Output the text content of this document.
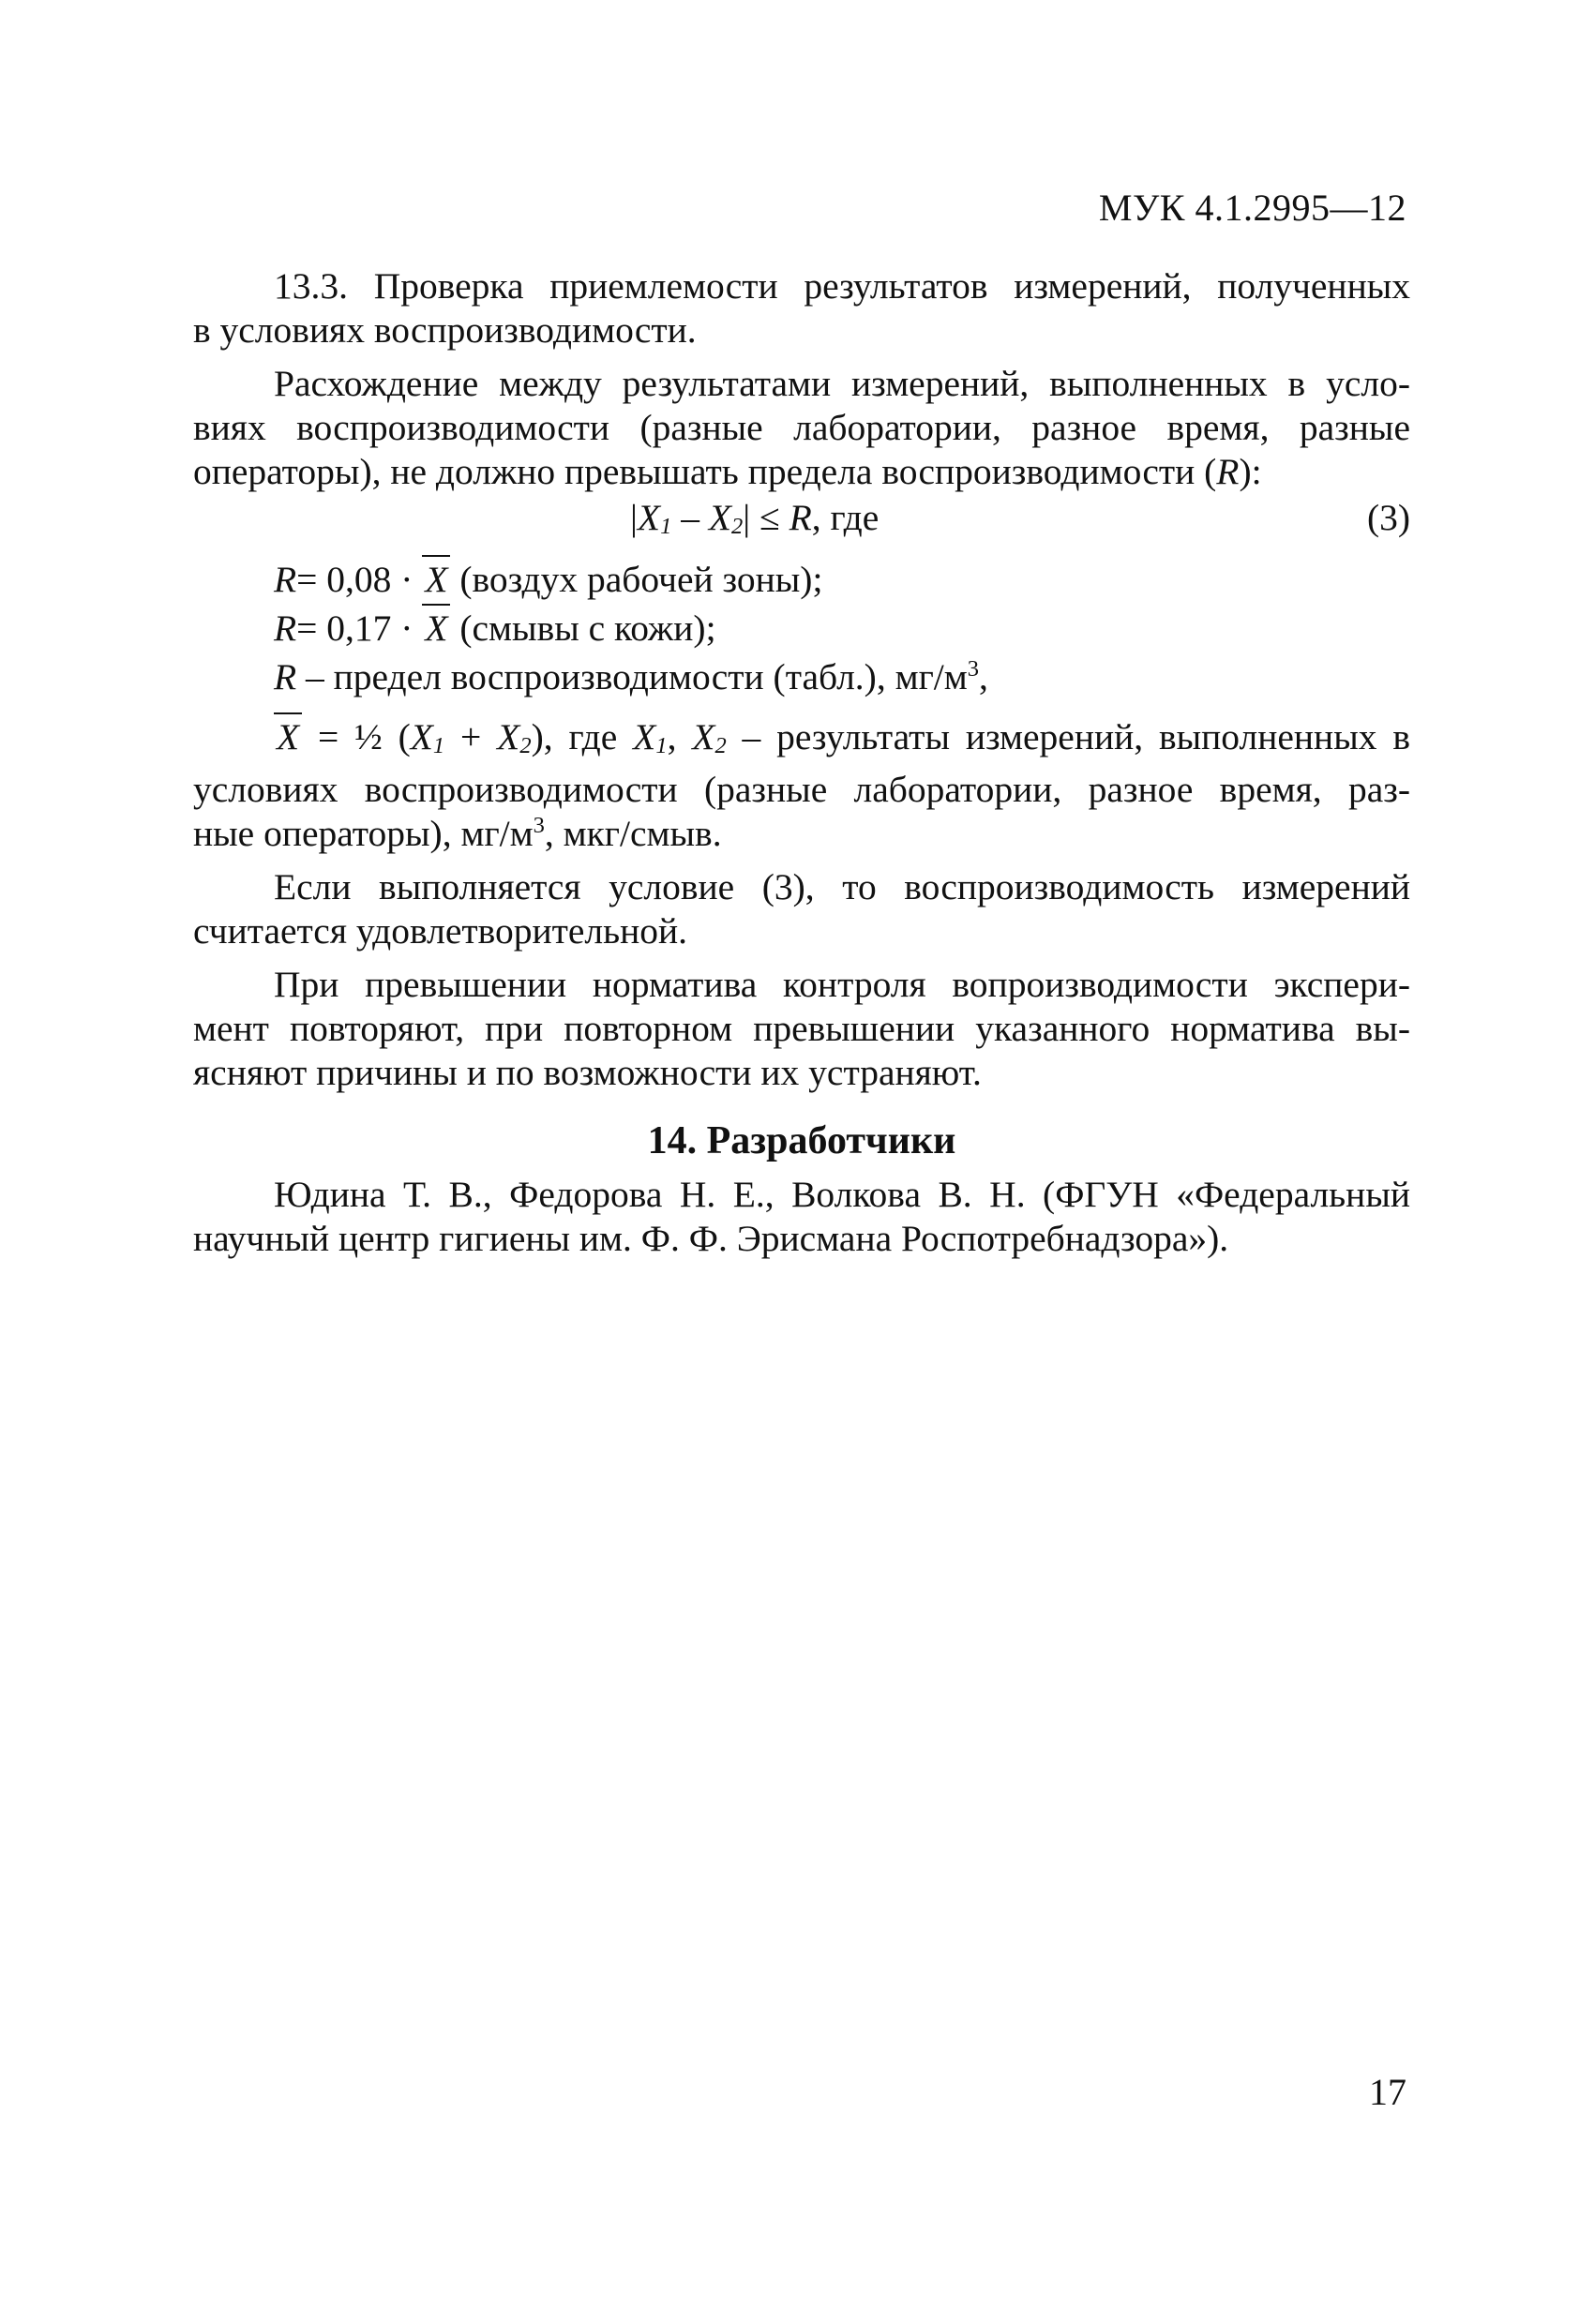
МУК 4.1.2995—12
13.3. Проверка приемлемости результатов измерений, полученных
в условиях воспроизводимости.
Расхождение между результатами измерений, выполненных в усло-
виях воспроизводимости (разные лаборатории, разное время, разные
операторы), не должно превышать предела воспроизводимости (R):
$|X_1 - X_2| \le R$, где	(3)
R= 0,08 · X (воздух рабочей зоны);
R= 0,17 · X (смывы с кожи);
R – предел воспроизводимости (табл.), $мг/м^3$,
X = ½ $(X_1 + X_2)$, где $X_1$, $X_2$ – результаты измерений, выполненных в
условиях воспроизводимости (разные лаборатории, разное время, раз-
ные операторы), $мг/м^3$, мкг/смыв.
Если выполняется условие (3), то воспроизводимость измерений
считается удовлетворительной.
При превышении норматива контроля вопроизводимости экспери-
мент повторяют, при повторном превышении указанного норматива вы-
ясняют причины и по возможности их устраняют.
14. Разработчики
Юдина Т. В., Федорова Н. Е., Волкова В. Н. (ФГУН «Федеральный
научный центр гигиены им. Ф. Ф. Эрисмана Роспотребнадзора»).
17
